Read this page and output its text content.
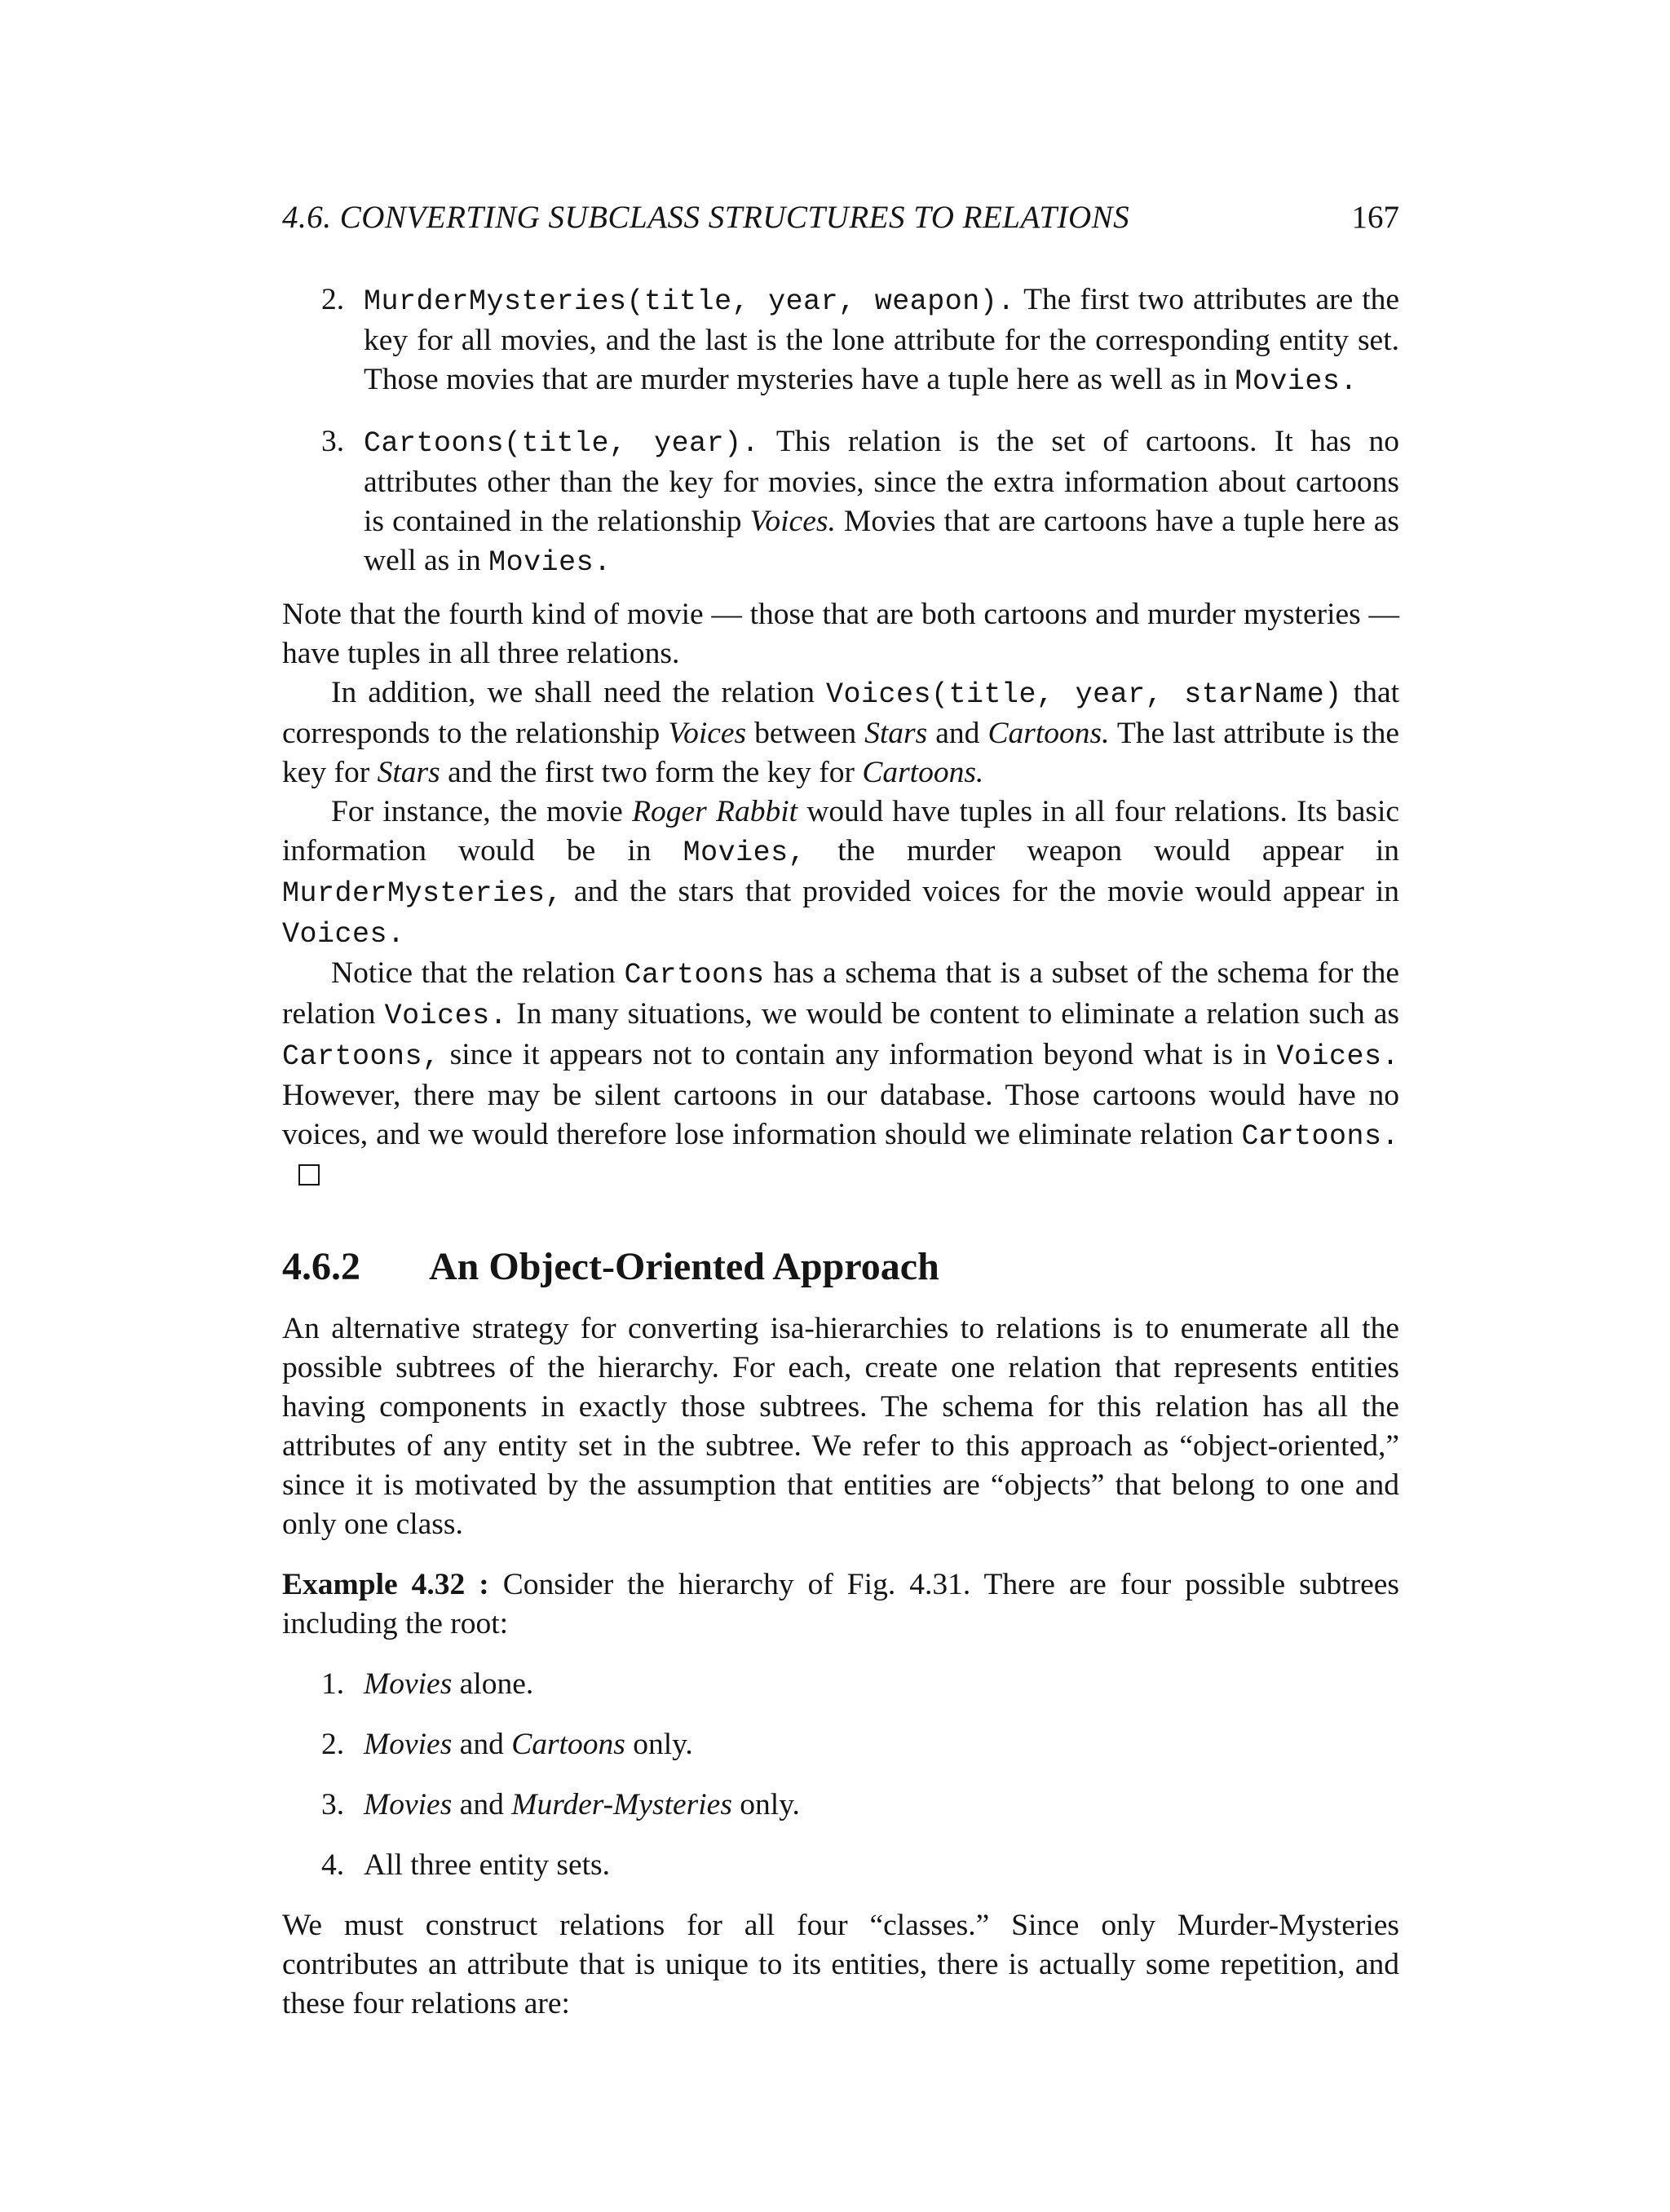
4.6. CONVERTING SUBCLASS STRUCTURES TO RELATIONS	167
2. MurderMysteries(title, year, weapon). The first two attributes are the key for all movies, and the last is the lone attribute for the corresponding entity set. Those movies that are murder mysteries have a tuple here as well as in Movies.
3. Cartoons(title, year). This relation is the set of cartoons. It has no attributes other than the key for movies, since the extra information about cartoons is contained in the relationship Voices. Movies that are cartoons have a tuple here as well as in Movies.

Note that the fourth kind of movie — those that are both cartoons and murder mysteries — have tuples in all three relations.

In addition, we shall need the relation Voices(title, year, starName) that corresponds to the relationship Voices between Stars and Cartoons. The last attribute is the key for Stars and the first two form the key for Cartoons.

For instance, the movie Roger Rabbit would have tuples in all four relations. Its basic information would be in Movies, the murder weapon would appear in MurderMysteries, and the stars that provided voices for the movie would appear in Voices.

Notice that the relation Cartoons has a schema that is a subset of the schema for the relation Voices. In many situations, we would be content to eliminate a relation such as Cartoons, since it appears not to contain any information beyond what is in Voices. However, there may be silent cartoons in our database. Those cartoons would have no voices, and we would therefore lose information should we eliminate relation Cartoons.

4.6.2 An Object-Oriented Approach

An alternative strategy for converting isa-hierarchies to relations is to enumerate all the possible subtrees of the hierarchy. For each, create one relation that represents entities having components in exactly those subtrees. The schema for this relation has all the attributes of any entity set in the subtree. We refer to this approach as “object-oriented,” since it is motivated by the assumption that entities are “objects” that belong to one and only one class.

Example 4.32 : Consider the hierarchy of Fig. 4.31. There are four possible subtrees including the root:

1. Movies alone.
2. Movies and Cartoons only.
3. Movies and Murder-Mysteries only.
4. All three entity sets.

We must construct relations for all four “classes.” Since only Murder-Mysteries contributes an attribute that is unique to its entities, there is actually some repetition, and these four relations are:
